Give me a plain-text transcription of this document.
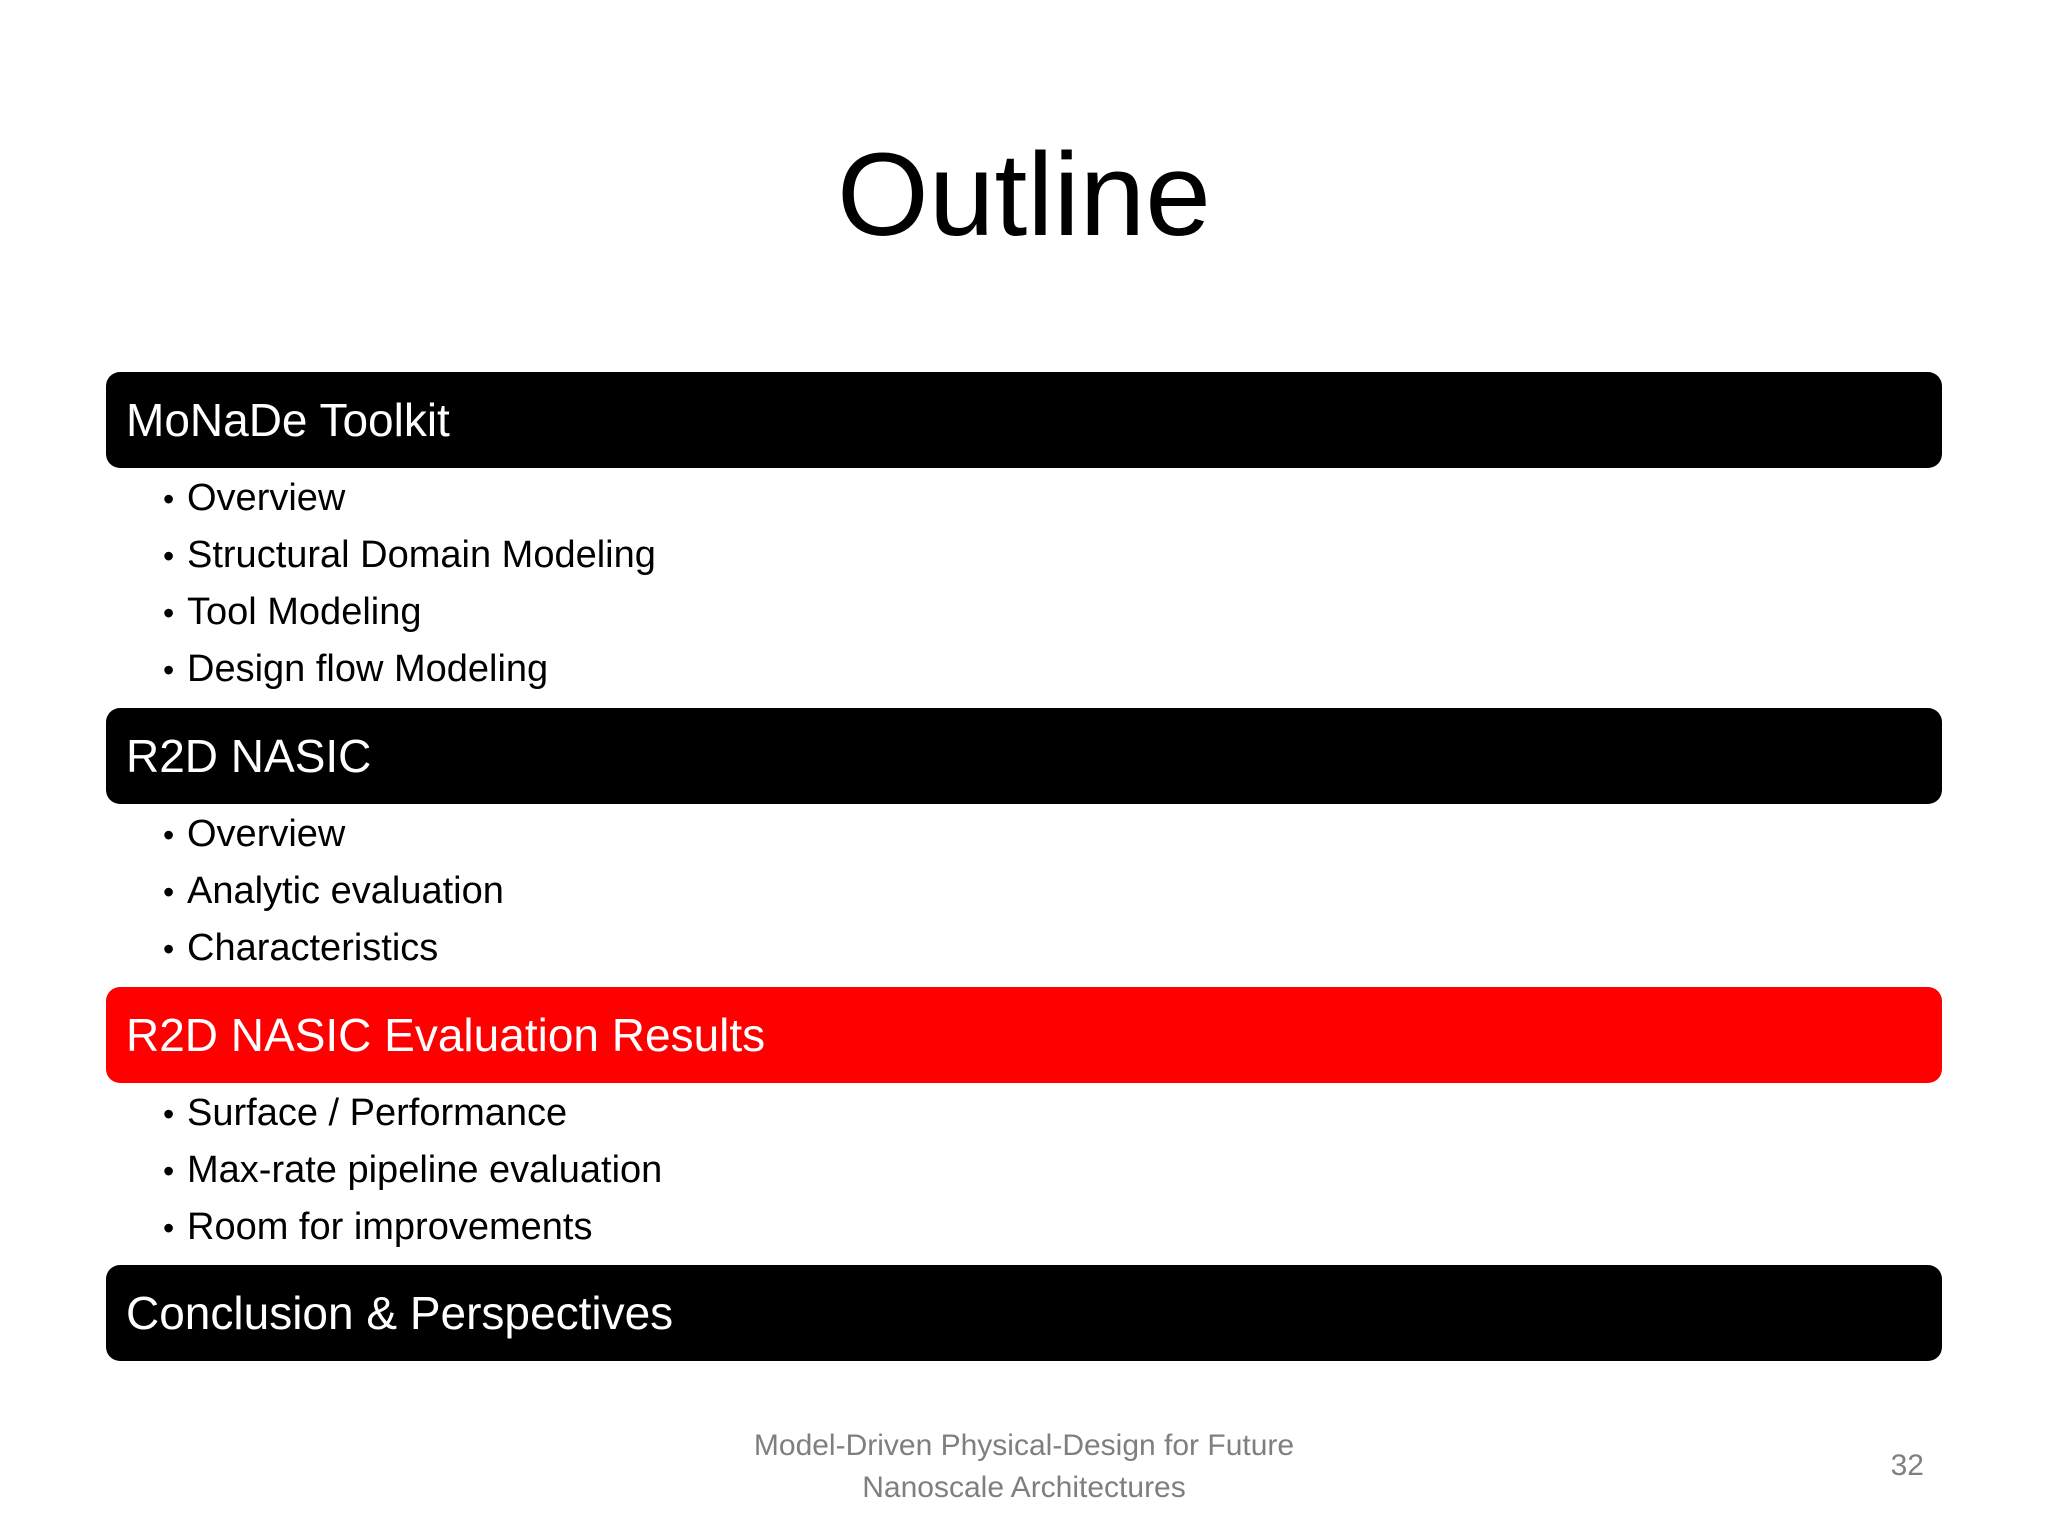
Outline
MoNaDe Toolkit
• Overview
• Structural Domain Modeling
• Tool Modeling
• Design flow Modeling
R2D NASIC
• Overview
• Analytic evaluation
• Characteristics
R2D NASIC Evaluation Results
• Surface / Performance
• Max-rate pipeline evaluation
• Room for improvements
Conclusion & Perspectives
Model-Driven Physical-Design for Future
Nanoscale Architectures
32
